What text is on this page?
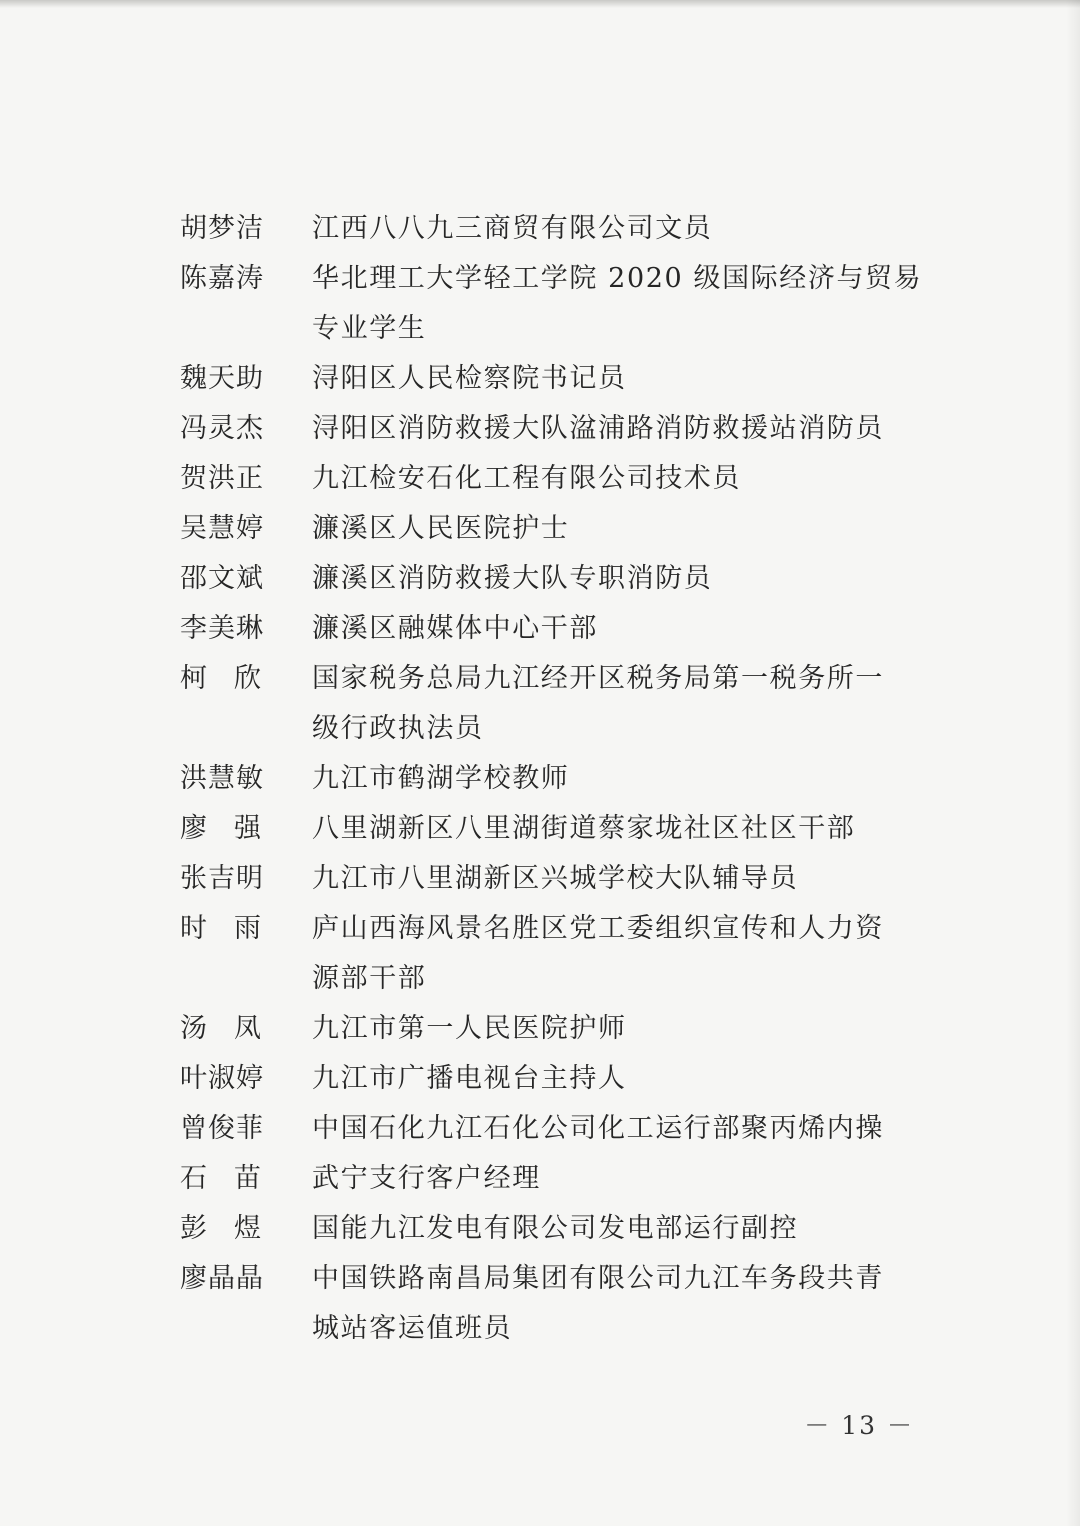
胡梦洁 江西八八九三商贸有限公司文员
陈嘉涛 华北理工大学轻工学院 2020 级国际经济与贸易
专业学生
魏天助 浔阳区人民检察院书记员
冯灵杰 浔阳区消防救援大队湓浦路消防救援站消防员
贺洪正 九江检安石化工程有限公司技术员
吴慧婷 濂溪区人民医院护士
邵文斌 濂溪区消防救援大队专职消防员
李美琳 濂溪区融媒体中心干部
柯　欣	国家税务总局九江经开区税务局第一税务所一
级行政执法员
洪慧敏 九江市鹤湖学校教师
廖　强	八里湖新区八里湖街道蔡家垅社区社区干部
张吉明 九江市八里湖新区兴城学校大队辅导员
时　雨	庐山西海风景名胜区党工委组织宣传和人力资
源部干部
汤　凤	九江市第一人民医院护师
叶淑婷 九江市广播电视台主持人
曾俊菲 中国石化九江石化公司化工运行部聚丙烯内操
石　苗	武宁支行客户经理
彭　煜	国能九江发电有限公司发电部运行副控
廖晶晶 中国铁路南昌局集团有限公司九江车务段共青
城站客运值班员
－ 13 －
